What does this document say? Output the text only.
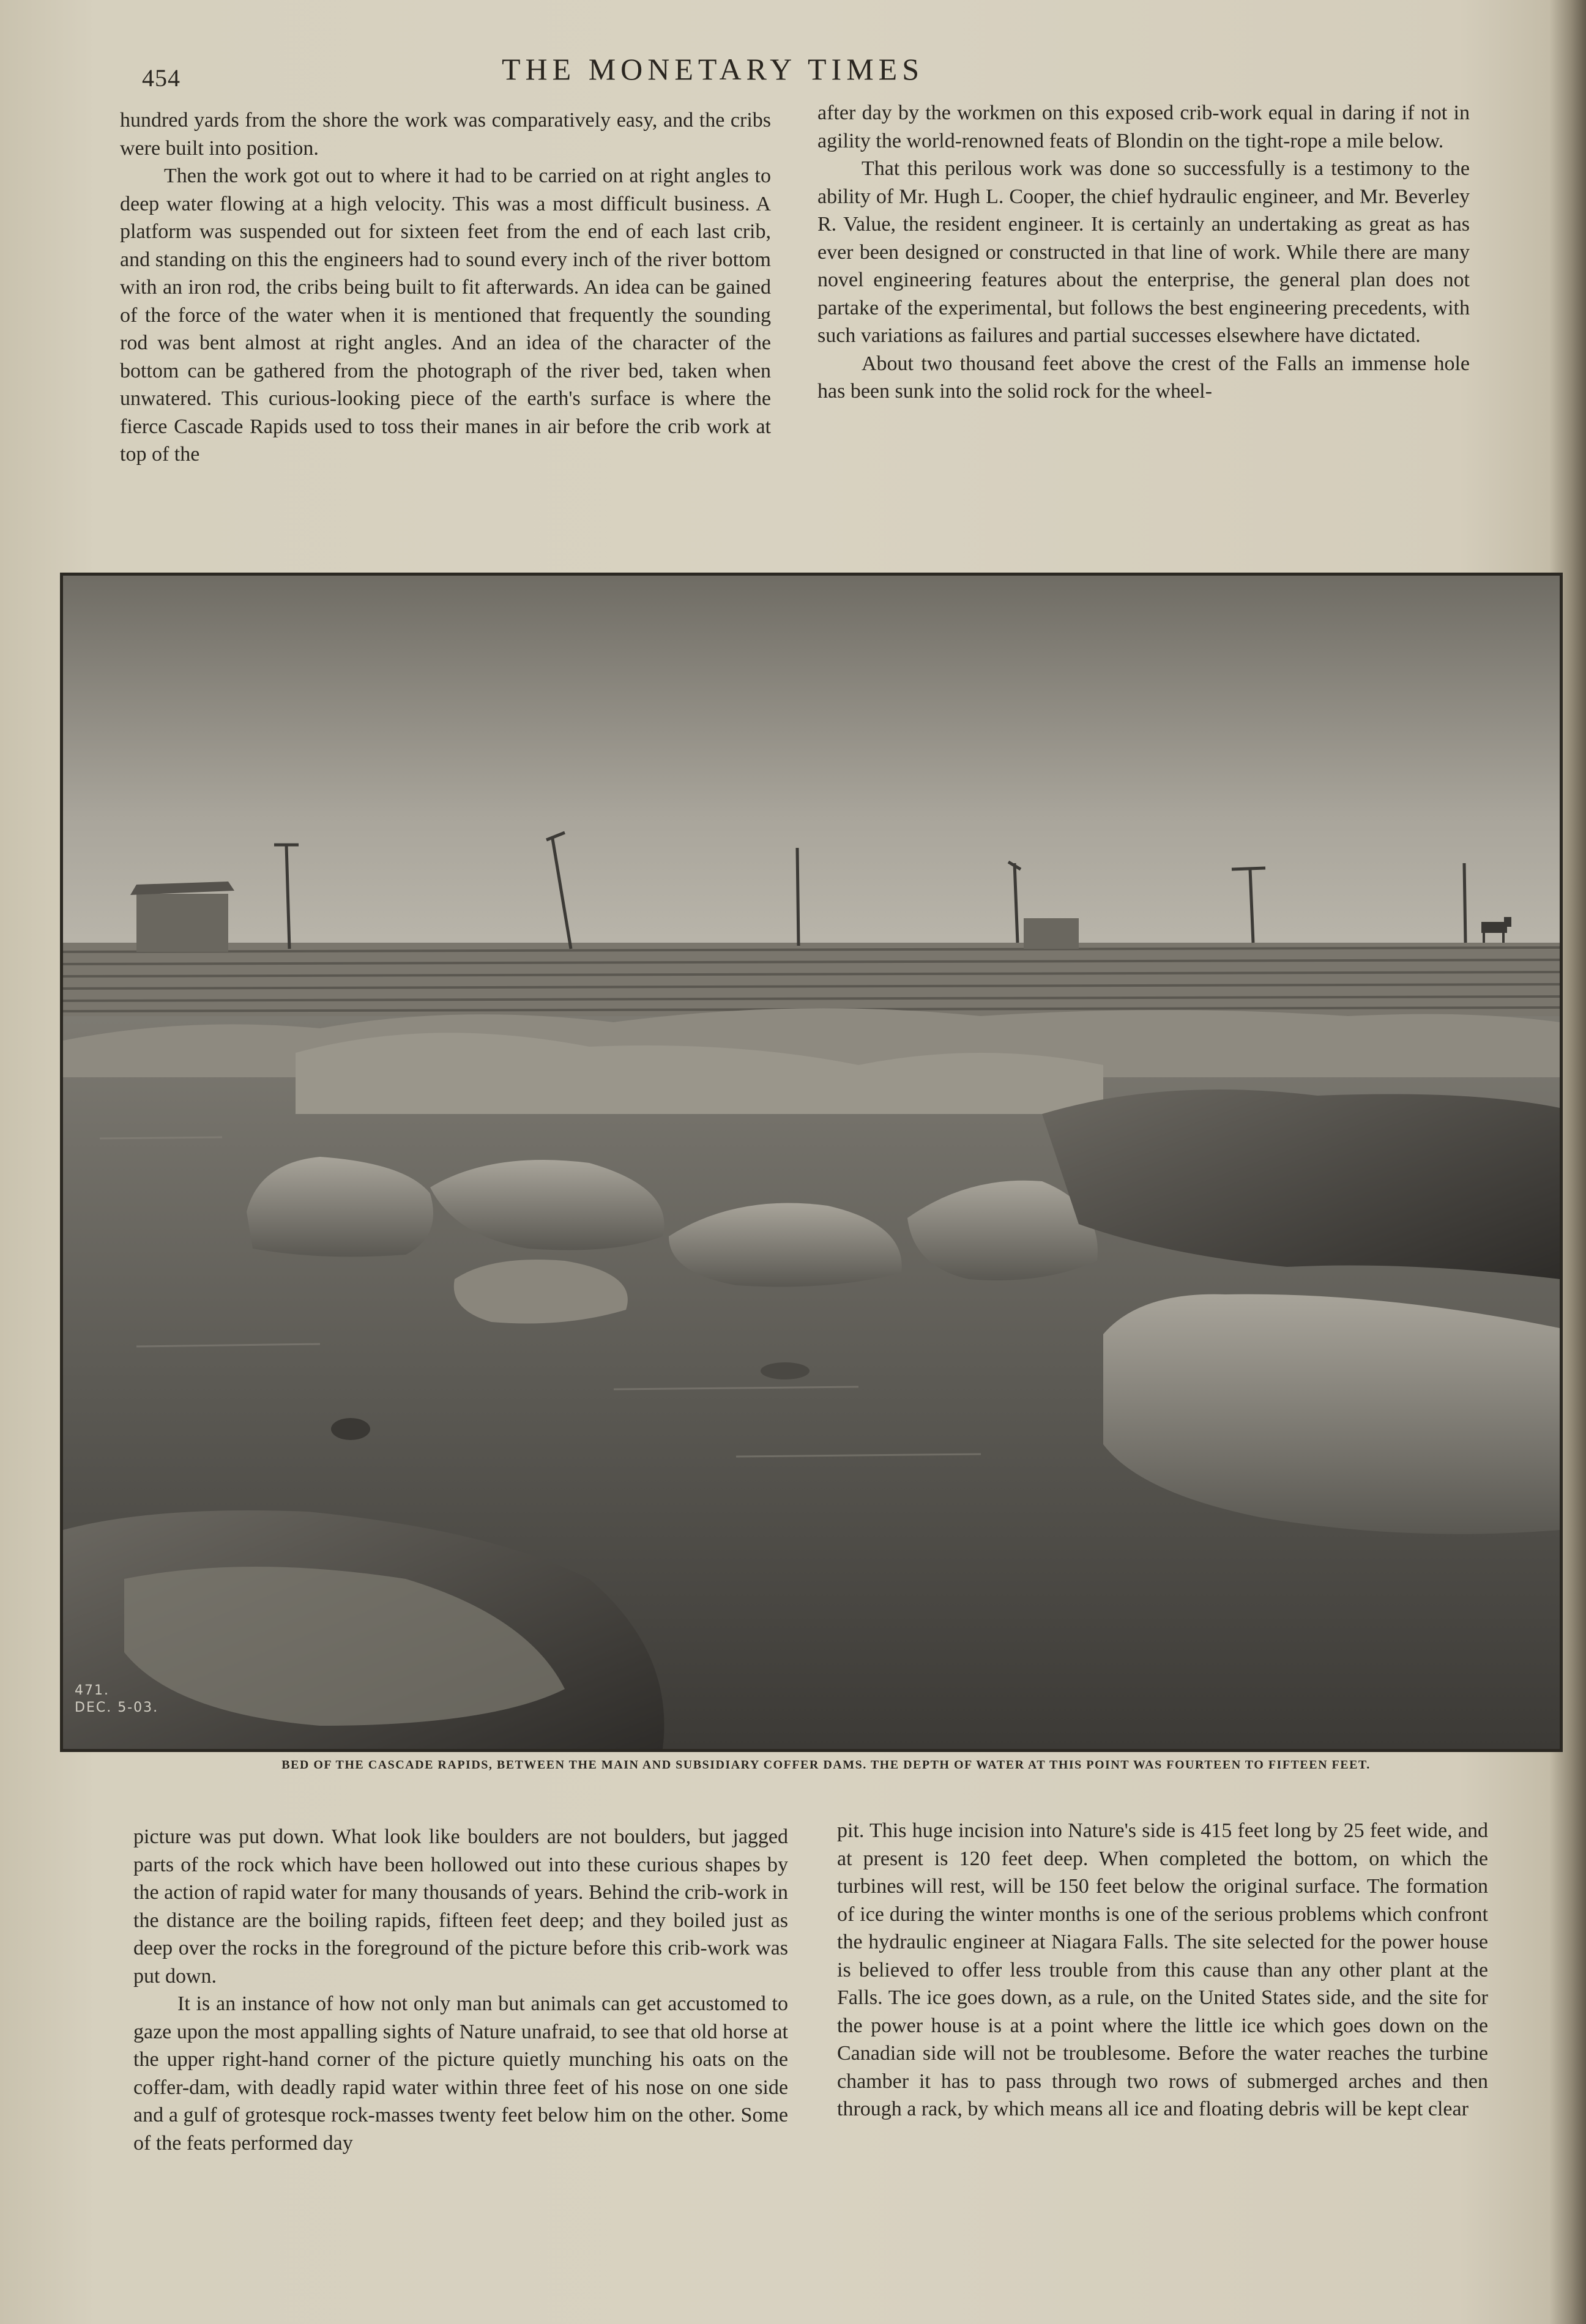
454	THE MONETARY TIMES

hundred yards from the shore the work was comparatively easy, and the cribs were built into position.

Then the work got out to where it had to be carried on at right angles to deep water flowing at a high velocity. This was a most difficult business. A platform was suspended out for sixteen feet from the end of each last crib, and standing on this the engineers had to sound every inch of the river bottom with an iron rod, the cribs being built to fit afterwards. An idea can be gained of the force of the water when it is mentioned that frequently the sounding rod was bent almost at right angles. And an idea of the character of the bottom can be gathered from the photograph of the river bed, taken when unwatered. This curious-looking piece of the earth's surface is where the fierce Cascade Rapids used to toss their manes in air before the crib work at top of the

after day by the workmen on this exposed crib-work equal in daring if not in agility the world-renowned feats of Blondin on the tight-rope a mile below.

That this perilous work was done so successfully is a testimony to the ability of Mr. Hugh L. Cooper, the chief hydraulic engineer, and Mr. Beverley R. Value, the resident engineer. It is certainly an undertaking as great as has ever been designed or constructed in that line of work. While there are many novel engineering features about the enterprise, the general plan does not partake of the experimental, but follows the best engineering precedents, with such variations as failures and partial successes elsewhere have dictated.

About two thousand feet above the crest of the Falls an immense hole has been sunk into the solid rock for the wheel-

471.
DEC. 5-03.
BED OF THE CASCADE RAPIDS, BETWEEN THE MAIN AND SUBSIDIARY COFFER DAMS. THE DEPTH OF WATER AT THIS POINT WAS FOURTEEN TO FIFTEEN FEET.

picture was put down. What look like boulders are not boulders, but jagged parts of the rock which have been hollowed out into these curious shapes by the action of rapid water for many thousands of years. Behind the crib-work in the distance are the boiling rapids, fifteen feet deep; and they boiled just as deep over the rocks in the foreground of the picture before this crib-work was put down.

It is an instance of how not only man but animals can get accustomed to gaze upon the most appalling sights of Nature unafraid, to see that old horse at the upper right-hand corner of the picture quietly munching his oats on the coffer-dam, with deadly rapid water within three feet of his nose on one side and a gulf of grotesque rock-masses twenty feet below him on the other. Some of the feats performed day

pit. This huge incision into Nature's side is 415 feet long by 25 feet wide, and at present is 120 feet deep. When completed the bottom, on which the turbines will rest, will be 150 feet below the original surface. The formation of ice during the winter months is one of the serious problems which confront the hydraulic engineer at Niagara Falls. The site selected for the power house is believed to offer less trouble from this cause than any other plant at the Falls. The ice goes down, as a rule, on the United States side, and the site for the power house is at a point where the little ice which goes down on the Canadian side will not be troublesome. Before the water reaches the turbine chamber it has to pass through two rows of submerged arches and then through a rack, by which means all ice and floating debris will be kept clear
